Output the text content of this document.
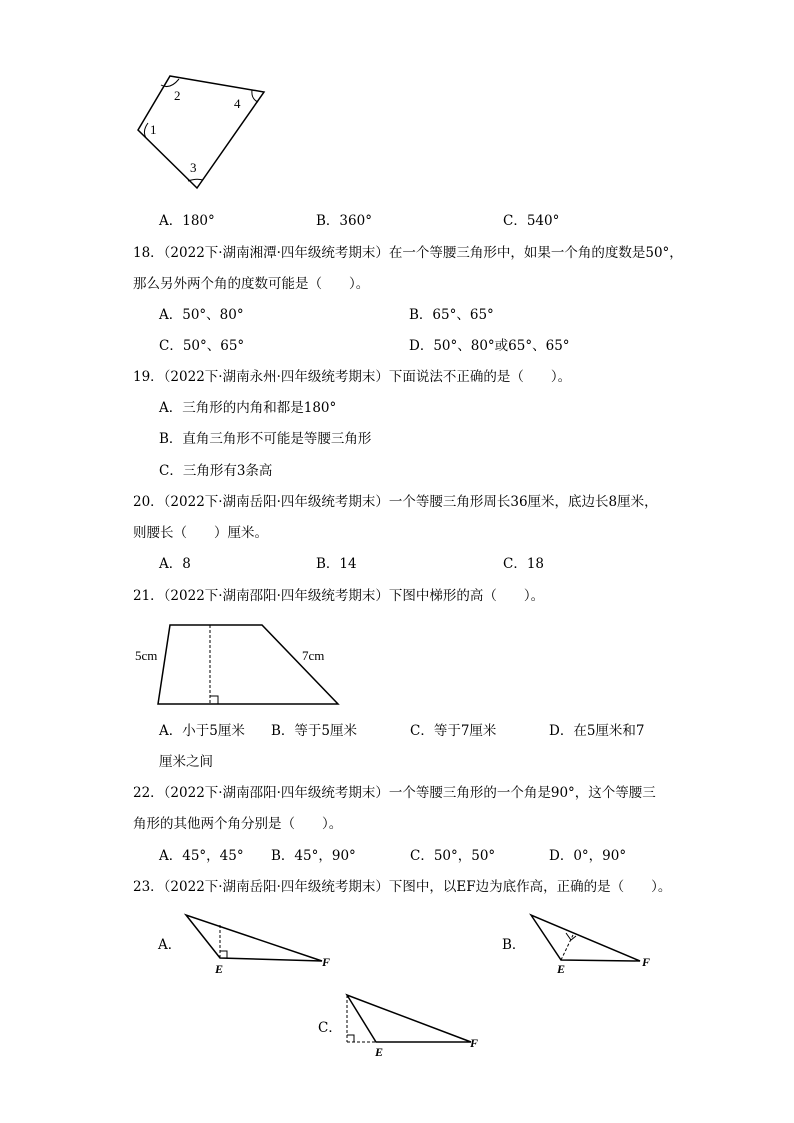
2
4
1
3
A．180°	B．360°	C．540°
18．（2022下·湖南湘潭·四年级统考期末）在一个等腰三角形中，如果一个角的度数是50°，
那么另外两个角的度数可能是（　　）。
A．50°、80°	B．65°、65°
C．50°、65°	D．50°、80°或65°、65°
19．（2022下·湖南永州·四年级统考期末）下面说法不正确的是（　　）。
A．三角形的内角和都是180°
B．直角三角形不可能是等腰三角形
C．三角形有3条高
20．（2022下·湖南岳阳·四年级统考期末）一个等腰三角形周长36厘米，底边长8厘米，
则腰长（　　）厘米。
A．8	B．14	C．18
21．（2022下·湖南邵阳·四年级统考期末）下图中梯形的高（　　）。
5cm	7cm
A．小于5厘米 B．等于5厘米	C．等于7厘米	D．在5厘米和7
厘米之间
22．（2022下·湖南邵阳·四年级统考期末）一个等腰三角形的一个角是90°，这个等腰三
角形的其他两个角分别是（　　）。
A．45°，45° B．45°，90°	C．50°，50°	D．0°，90°
23．（2022下·湖南岳阳·四年级统考期末）下图中，以EF边为底作高，正确的是（　　）。
A．
E	F
B．
E	F
C．
E
F
